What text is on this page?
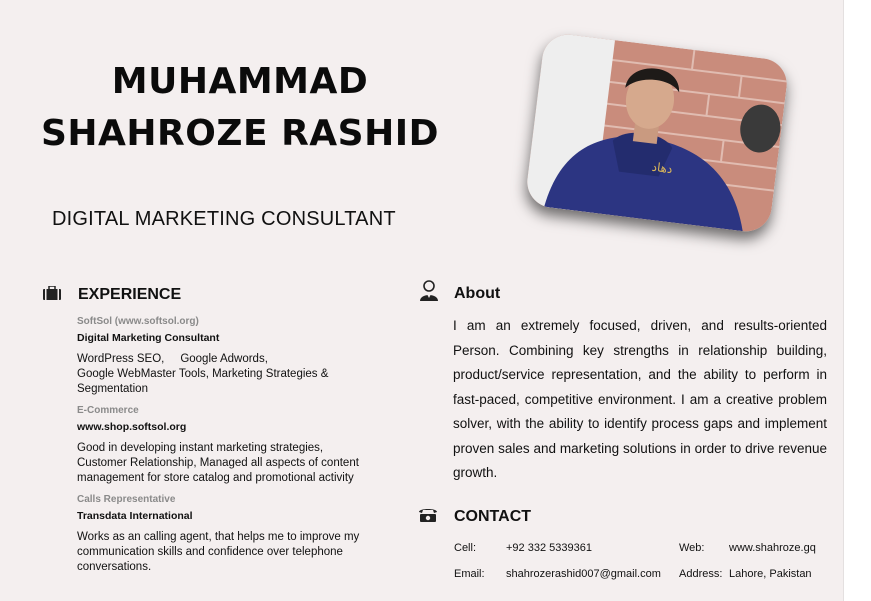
MUHAMMAD
SHAHROZE RASHID
DIGITAL MARKETING CONSULTANT
ﺩﻫﺎﺩ
EXPERIENCE
SoftSol (www.softsol.org)
Digital Marketing Consultant
WordPress SEO,     Google Adwords,
Google WebMaster Tools, Marketing Strategies &
Segmentation
E-Commerce
www.shop.softsol.org
Good in developing instant marketing strategies,
Customer Relationship, Managed all aspects of content
management for store catalog and promotional activity
Calls Representative
Transdata International
Works as an calling agent, that helps me to improve my
communication skills and confidence over telephone
conversations.
About
I am an extremely focused, driven, and results-oriented Person. Combining key strengths in relationship building, product/service representation, and the ability to perform in fast-paced, competitive environment. I am a creative problem solver, with the ability to identify process gaps and implement proven sales and marketing solutions in order to drive revenue growth.
CONTACT
Cell:	+92 332 5339361	Web: www.shahroze.gq
Email: shahrozerashid007@gmail.com Address: Lahore, Pakistan
